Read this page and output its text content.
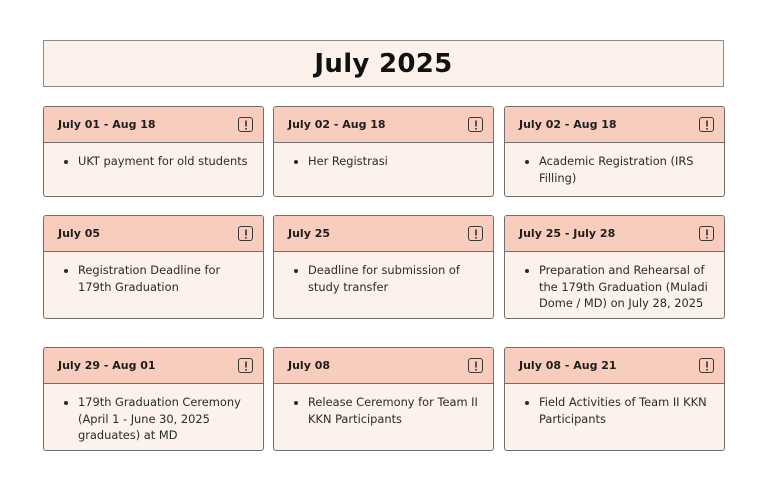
July 2025
July 01 - Aug 18
• UKT payment for old students
July 02 - Aug 18
• Her Registrasi
July 02 - Aug 18
• Academic Registration (IRS Filling)
July 05
• Registration Deadline for 179th Graduation
July 25
• Deadline for submission of study transfer
July 25 - July 28
• Preparation and Rehearsal of the 179th Graduation (Muladi Dome / MD) on July 28, 2025
July 29 - Aug 01
• 179th Graduation Ceremony (April 1 - June 30, 2025 graduates) at MD
July 08
• Release Ceremony for Team II KKN Participants
July 08 - Aug 21
• Field Activities of Team II KKN Participants
